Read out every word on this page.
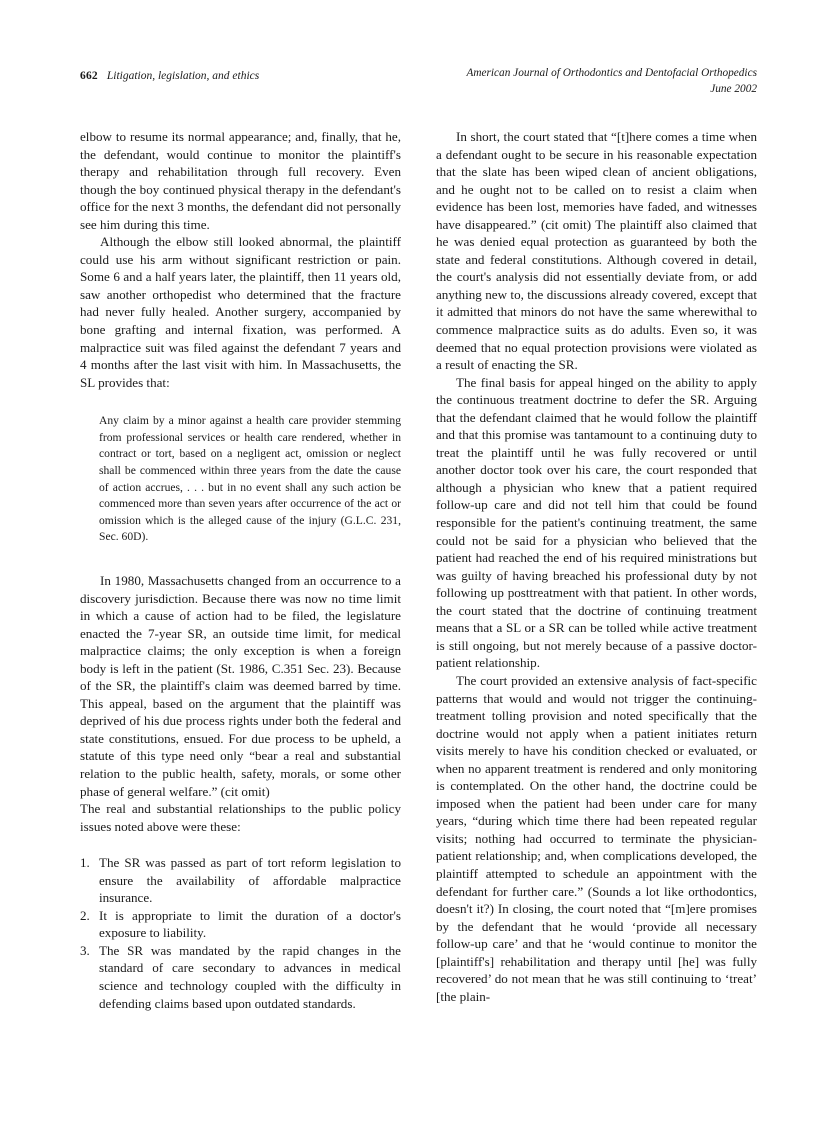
662 Litigation, legislation, and ethics	American Journal of Orthodontics and Dentofacial Orthopedics
June 2002

elbow to resume its normal appearance; and, finally, that he, the defendant, would continue to monitor the plaintiff's therapy and rehabilitation through full recovery. Even though the boy continued physical therapy in the defendant's office for the next 3 months, the defendant did not personally see him during this time.

Although the elbow still looked abnormal, the plaintiff could use his arm without significant restriction or pain. Some 6 and a half years later, the plaintiff, then 11 years old, saw another orthopedist who determined that the fracture had never fully healed. Another surgery, accompanied by bone grafting and internal fixation, was performed. A malpractice suit was filed against the defendant 7 years and 4 months after the last visit with him. In Massachusetts, the SL provides that:

Any claim by a minor against a health care provider stemming from professional services or health care rendered, whether in contract or tort, based on a negligent act, omission or neglect shall be commenced within three years from the date the cause of action accrues, . . . but in no event shall any such action be commenced more than seven years after occurrence of the act or omission which is the alleged cause of the injury (G.L.C. 231, Sec. 60D).

In 1980, Massachusetts changed from an occurrence to a discovery jurisdiction. Because there was now no time limit in which a cause of action had to be filed, the legislature enacted the 7-year SR, an outside time limit, for medical malpractice claims; the only exception is when a foreign body is left in the patient (St. 1986, C.351 Sec. 23). Because of the SR, the plaintiff's claim was deemed barred by time. This appeal, based on the argument that the plaintiff was deprived of his due process rights under both the federal and state constitutions, ensued. For due process to be upheld, a statute of this type need only “bear a real and substantial relation to the public health, safety, morals, or some other phase of general welfare.” (cit omit)

The real and substantial relationships to the public policy issues noted above were these:

1. The SR was passed as part of tort reform legislation to ensure the availability of affordable malpractice insurance.
2. It is appropriate to limit the duration of a doctor's exposure to liability.
3. The SR was mandated by the rapid changes in the standard of care secondary to advances in medical science and technology coupled with the difficulty in defending claims based upon outdated standards.

In short, the court stated that “[t]here comes a time when a defendant ought to be secure in his reasonable expectation that the slate has been wiped clean of ancient obligations, and he ought not to be called on to resist a claim when evidence has been lost, memories have faded, and witnesses have disappeared.” (cit omit) The plaintiff also claimed that he was denied equal protection as guaranteed by both the state and federal constitutions. Although covered in detail, the court's analysis did not essentially deviate from, or add anything new to, the discussions already covered, except that it admitted that minors do not have the same wherewithal to commence malpractice suits as do adults. Even so, it was deemed that no equal protection provisions were violated as a result of enacting the SR.

The final basis for appeal hinged on the ability to apply the continuous treatment doctrine to defer the SR. Arguing that the defendant claimed that he would follow the plaintiff and that this promise was tantamount to a continuing duty to treat the plaintiff until he was fully recovered or until another doctor took over his care, the court responded that although a physician who knew that a patient required follow-up care and did not tell him that could be found responsible for the patient's continuing treatment, the same could not be said for a physician who believed that the patient had reached the end of his required ministrations but was guilty of having breached his professional duty by not following up posttreatment with that patient. In other words, the court stated that the doctrine of continuing treatment means that a SL or a SR can be tolled while active treatment is still ongoing, but not merely because of a passive doctor-patient relationship.

The court provided an extensive analysis of fact-specific patterns that would and would not trigger the continuing-treatment tolling provision and noted specifically that the doctrine would not apply when a patient initiates return visits merely to have his condition checked or evaluated, or when no apparent treatment is rendered and only monitoring is contemplated. On the other hand, the doctrine could be imposed when the patient had been under care for many years, “during which time there had been repeated regular visits; nothing had occurred to terminate the physician-patient relationship; and, when complications developed, the plaintiff attempted to schedule an appointment with the defendant for further care.” (Sounds a lot like orthodontics, doesn't it?) In closing, the court noted that “[m]ere promises by the defendant that he would ‘provide all necessary follow-up care’ and that he ‘would continue to monitor the [plaintiff's] rehabilitation and therapy until [he] was fully recovered’ do not mean that he was still continuing to ‘treat’ [the plain-
